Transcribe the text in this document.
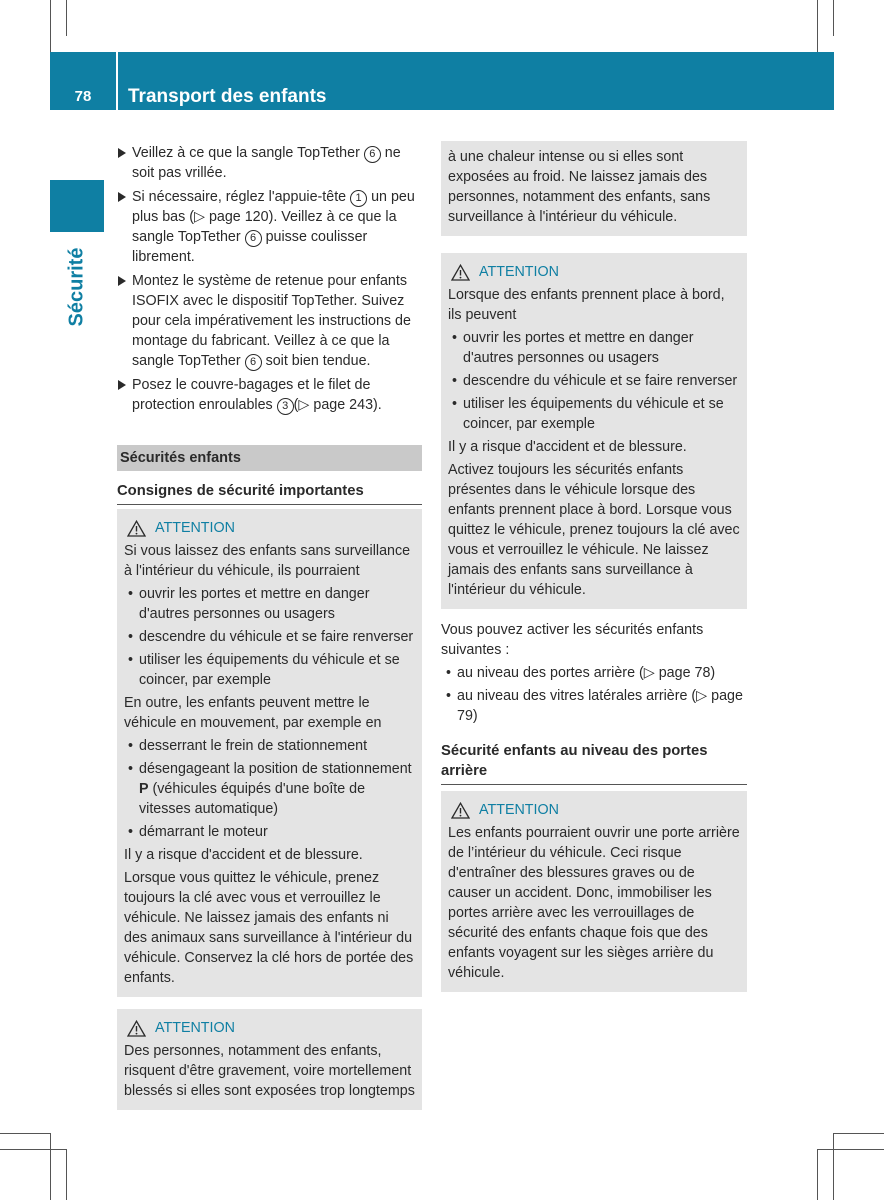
78	Transport des enfants
Sécurité
Veillez à ce que la sangle TopTether 6 ne soit pas vrillée.
Si nécessaire, réglez l'appuie-tête 1 un peu plus bas (▷ page 120). Veillez à ce que la sangle TopTether 6 puisse coulisser librement.
Montez le système de retenue pour enfants ISOFIX avec le dispositif TopTether. Suivez pour cela impérativement les instructions de montage du fabricant. Veillez à ce que la sangle TopTether 6 soit bien tendue.
Posez le couvre-bagages et le filet de protection enroulables 3 (▷ page 243).
Sécurités enfants
Consignes de sécurité importantes
ATTENTION

Si vous laissez des enfants sans surveillance à l'intérieur du véhicule, ils pourraient

• ouvrir les portes et mettre en danger d'autres personnes ou usagers
• descendre du véhicule et se faire renverser
• utiliser les équipements du véhicule et se coincer, par exemple

En outre, les enfants peuvent mettre le véhicule en mouvement, par exemple en

• desserrant le frein de stationnement
• désengageant la position de stationnement P (véhicules équipés d'une boîte de vitesses automatique)
• démarrant le moteur

Il y a risque d'accident et de blessure.

Lorsque vous quittez le véhicule, prenez toujours la clé avec vous et verrouillez le véhicule. Ne laissez jamais des enfants ni des animaux sans surveillance à l'intérieur du véhicule. Conservez la clé hors de portée des enfants.

ATTENTION

Des personnes, notamment des enfants, risquent d'être gravement, voire mortellement blessés si elles sont exposées trop longtemps

à une chaleur intense ou si elles sont exposées au froid. Ne laissez jamais des personnes, notamment des enfants, sans surveillance à l'intérieur du véhicule.

ATTENTION

Lorsque des enfants prennent place à bord, ils peuvent

• ouvrir les portes et mettre en danger d'autres personnes ou usagers
• descendre du véhicule et se faire renverser
• utiliser les équipements du véhicule et se coincer, par exemple

Il y a risque d'accident et de blessure.

Activez toujours les sécurités enfants présentes dans le véhicule lorsque des enfants prennent place à bord. Lorsque vous quittez le véhicule, prenez toujours la clé avec vous et verrouillez le véhicule. Ne laissez jamais des enfants sans surveillance à l'intérieur du véhicule.

Vous pouvez activer les sécurités enfants suivantes :

• au niveau des portes arrière (▷ page 78)
• au niveau des vitres latérales arrière (▷ page 79)
Sécurité enfants au niveau des portes arrière
ATTENTION

Les enfants pourraient ouvrir une porte arrière de l’intérieur du véhicule. Ceci risque d'entraîner des blessures graves ou de causer un accident. Donc, immobiliser les portes arrière avec les verrouillages de sécurité des enfants chaque fois que des enfants voyagent sur les sièges arrière du véhicule.
